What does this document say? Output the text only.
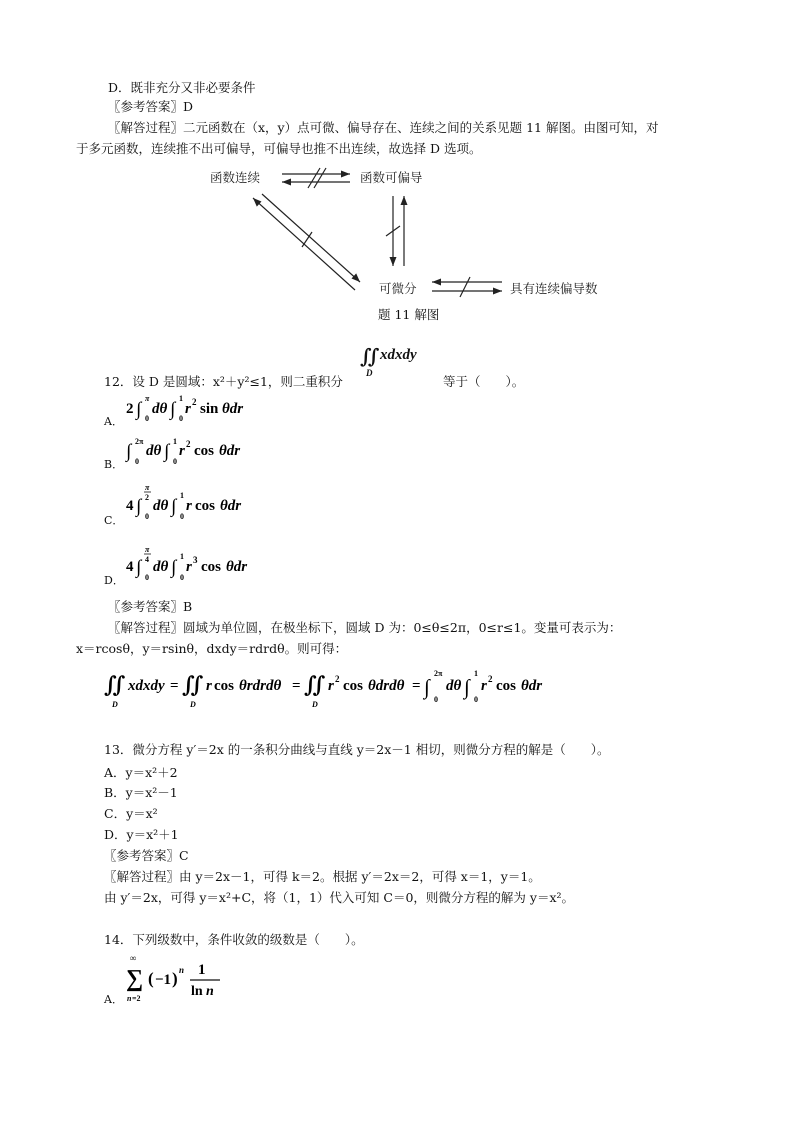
D．既非充分又非必要条件
〖参考答案〗D
〖解答过程〗二元函数在（x，y）点可微、偏导存在、连续之间的关系见题 11 解图。由图可知，对
于多元函数，连续推不出可偏导，可偏导也推不出连续，故选择 D 选项。
函数连续	函数可偏导
可微分	具有连续偏导数
题 11 解图
12．设 D 是圆域：x²＋y²≤1，则二重积分
∬xdxdy
D
等于（　　）。
A．
2 ∫
π
0
dθ ∫
1
0
r 2 sin θdr
B．
∫ 2π
0
dθ ∫ 1
0
r 2 cos θdr
C．
4 ∫
π
2
0
dθ ∫
1
0
r cos θdr
D．
4 ∫
π
4
0
dθ ∫
1
0
r 3 cos θdr
〖参考答案〗B
〖解答过程〗圆域为单位圆，在极坐标下，圆域 D 为：0≤θ≤2π，0≤r≤1。变量可表示为：
x＝rcosθ，y＝rsinθ，dxdy＝rdrdθ。则可得：
∬
D
xdxdy = ∬
D
r cos θrdrdθ = ∬
D
r 2 cos θdrdθ = ∫
2π
0
dθ ∫
1
0
r 2 cos θdr
13．微分方程 y′＝2x 的一条积分曲线与直线 y＝2x－1 相切，则微分方程的解是（　　）。
A．y＝x²＋2
B．y＝x²－1
C．y＝x²
D．y＝x²＋1
〖参考答案〗C
〖解答过程〗由 y＝2x－1，可得 k＝2。根据 y′＝2x＝2，可得 x＝1，y＝1。
由 y′＝2x，可得 y＝x²+C，将（1，1）代入可知 C＝0，则微分方程的解为 y＝x²。
14．下列级数中，条件收敛的级数是（　　）。
A．
∞
∑
n =2
( −1 ) n 1
ln n
